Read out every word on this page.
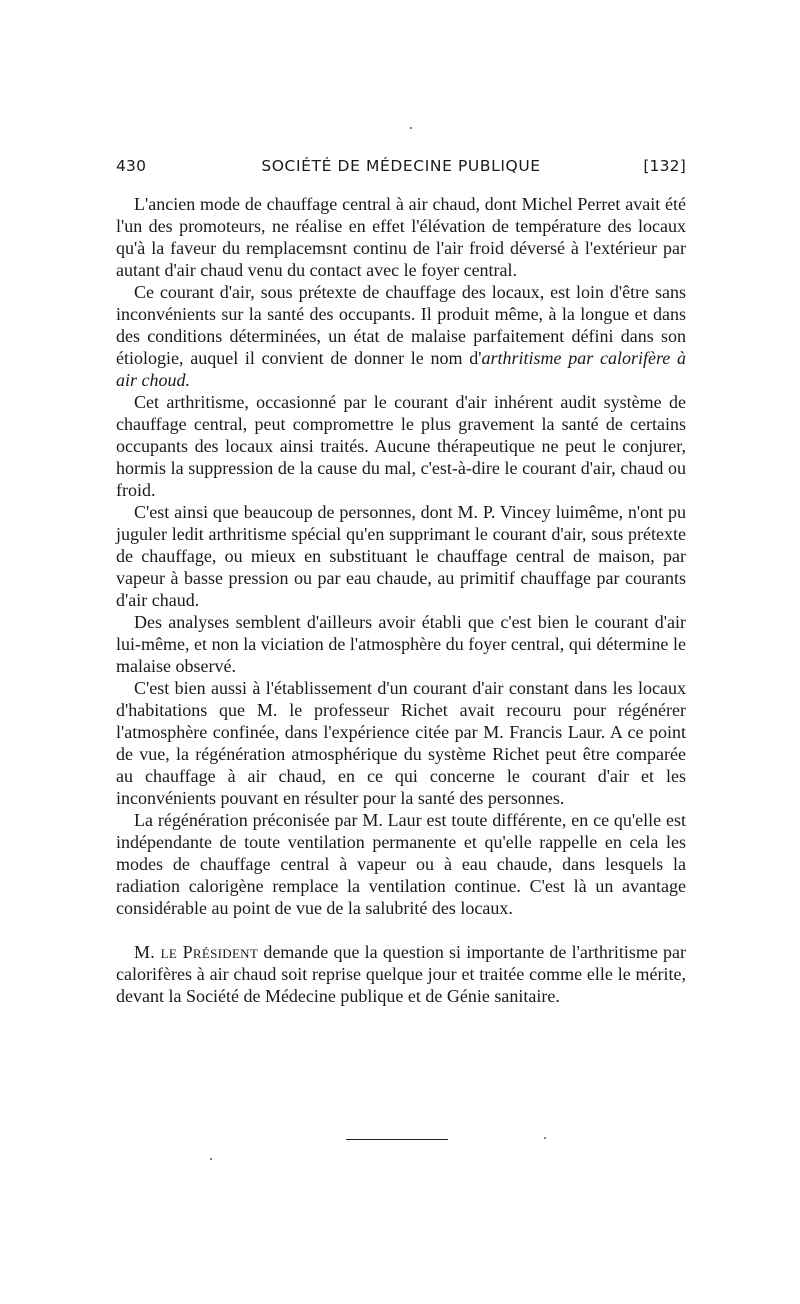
430	SOCIÉTÉ DE MÉDECINE PUBLIQUE	[132]

L'ancien mode de chauffage central à air chaud, dont Michel Perret avait été l'un des promoteurs, ne réalise en effet l'élévation de température des locaux qu'à la faveur du remplacemsnt continu de l'air froid déversé à l'extérieur par autant d'air chaud venu du contact avec le foyer central.

Ce courant d'air, sous prétexte de chauffage des locaux, est loin d'être sans inconvénients sur la santé des occupants. Il produit même, à la longue et dans des conditions déterminées, un état de malaise parfaitement défini dans son étiologie, auquel il convient de donner le nom d'arthritisme par calorifère à air choud.

Cet arthritisme, occasionné par le courant d'air inhérent audit système de chauffage central, peut compromettre le plus gravement la santé de certains occupants des locaux ainsi traités. Aucune thérapeutique ne peut le conjurer, hormis la suppression de la cause du mal, c'est-à-dire le courant d'air, chaud ou froid.

C'est ainsi que beaucoup de personnes, dont M. P. Vincey luimême, n'ont pu juguler ledit arthritisme spécial qu'en supprimant le courant d'air, sous prétexte de chauffage, ou mieux en substituant le chauffage central de maison, par vapeur à basse pression ou par eau chaude, au primitif chauffage par courants d'air chaud.

Des analyses semblent d'ailleurs avoir établi que c'est bien le courant d'air lui-même, et non la viciation de l'atmosphère du foyer central, qui détermine le malaise observé.

C'est bien aussi à l'établissement d'un courant d'air constant dans les locaux d'habitations que M. le professeur Richet avait recouru pour régénérer l'atmosphère confinée, dans l'expérience citée par M. Francis Laur. A ce point de vue, la régénération atmosphérique du système Richet peut être comparée au chauffage à air chaud, en ce qui concerne le courant d'air et les inconvénients pouvant en résulter pour la santé des personnes.

La régénération préconisée par M. Laur est toute différente, en ce qu'elle est indépendante de toute ventilation permanente et qu'elle rappelle en cela les modes de chauffage central à vapeur ou à eau chaude, dans lesquels la radiation calorigène remplace la ventilation continue. C'est là un avantage considérable au point de vue de la salubrité des locaux.

M. le Président demande que la question si importante de l'arthritisme par calorifères à air chaud soit reprise quelque jour et traitée comme elle le mérite, devant la Société de Médecine publique et de Génie sanitaire.
